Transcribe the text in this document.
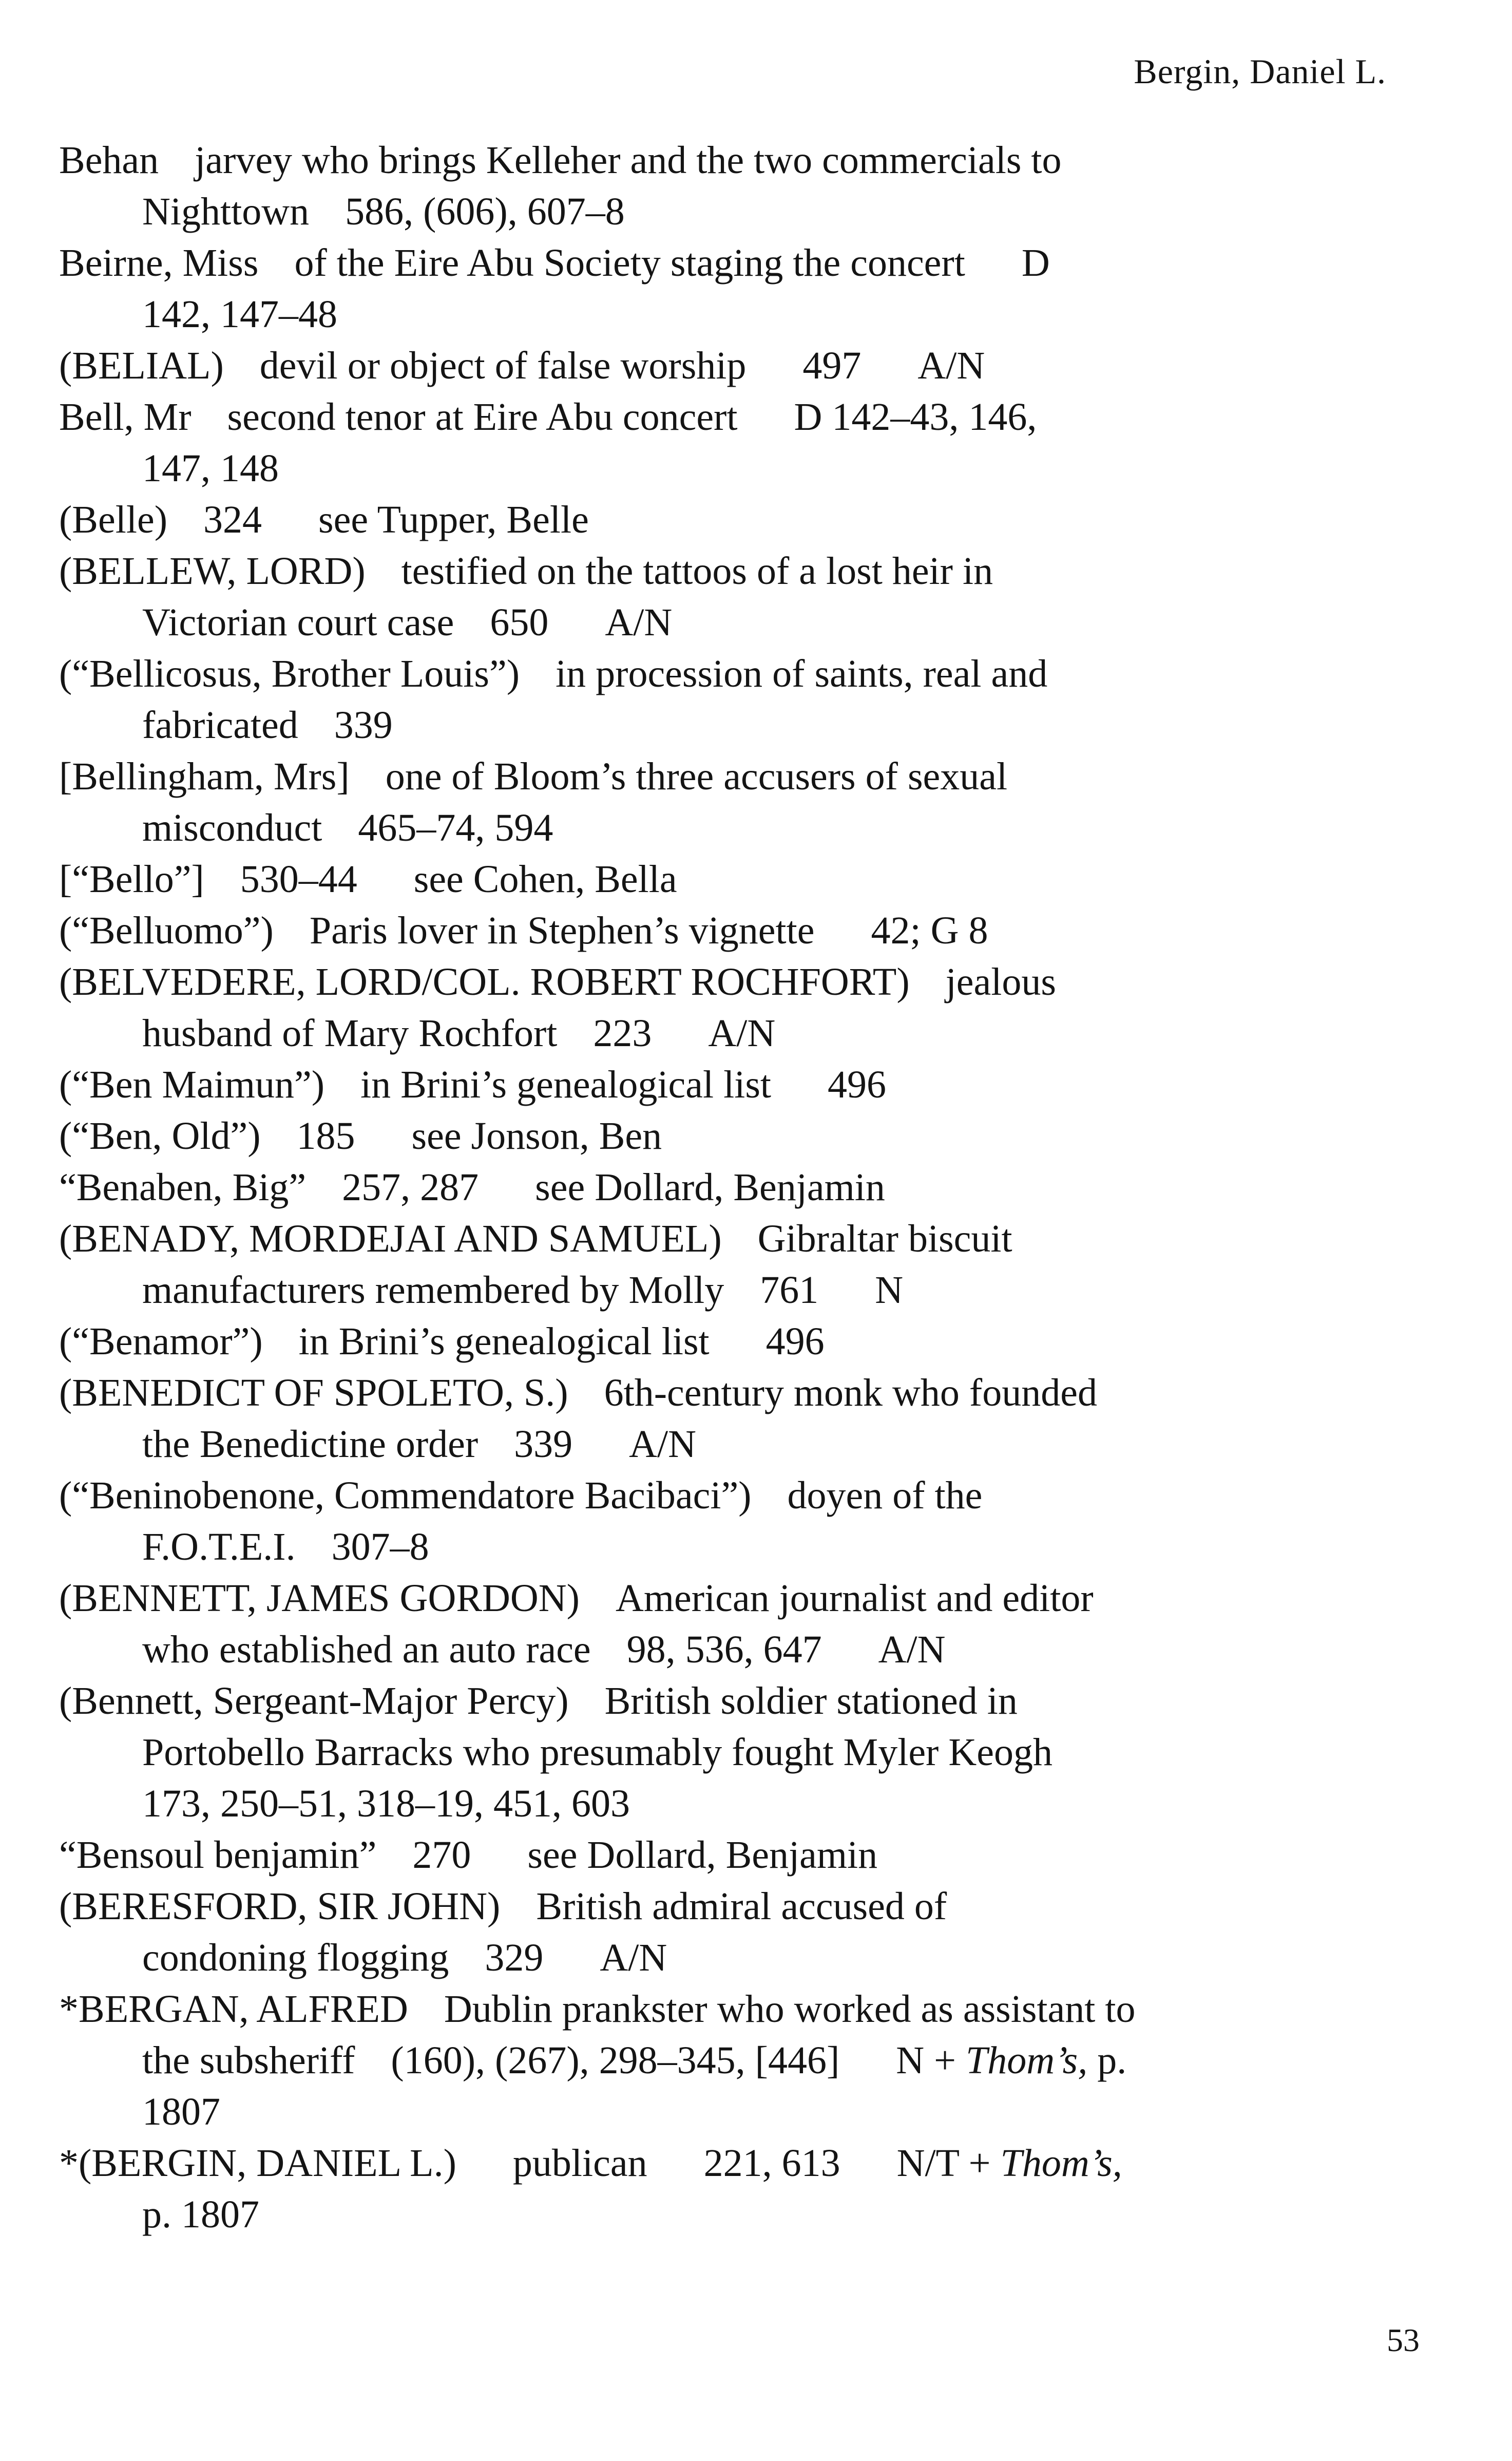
Bergin, Daniel L.
Behan jarvey who brings Kelleher and the two commercials to
Nighttown 586, (606), 607–8
Beirne, Miss of the Eire Abu Society staging the concert D
142, 147–48
(BELIAL) devil or object of false worship 497 A/N
Bell, Mr second tenor at Eire Abu concert D 142–43, 146,
147, 148
(Belle) 324 see Tupper, Belle
(BELLEW, LORD) testified on the tattoos of a lost heir in
Victorian court case 650 A/N
(“Bellicosus, Brother Louis”) in procession of saints, real and
fabricated 339
[Bellingham, Mrs] one of Bloom’s three accusers of sexual
misconduct 465–74, 594
[“Bello”] 530–44 see Cohen, Bella
(“Belluomo”) Paris lover in Stephen’s vignette 42; G 8
(BELVEDERE, LORD/COL. ROBERT ROCHFORT) jealous
husband of Mary Rochfort 223 A/N
(“Ben Maimun”) in Brini’s genealogical list 496
(“Ben, Old”) 185 see Jonson, Ben
“Benaben, Big” 257, 287 see Dollard, Benjamin
(BENADY, MORDEJAI AND SAMUEL) Gibraltar biscuit
manufacturers remembered by Molly 761 N
(“Benamor”) in Brini’s genealogical list 496
(BENEDICT OF SPOLETO, S.) 6th-century monk who founded
the Benedictine order 339 A/N
(“Beninobenone, Commendatore Bacibaci”) doyen of the
F.O.T.E.I. 307–8
(BENNETT, JAMES GORDON) American journalist and editor
who established an auto race 98, 536, 647 A/N
(Bennett, Sergeant-Major Percy) British soldier stationed in
Portobello Barracks who presumably fought Myler Keogh
173, 250–51, 318–19, 451, 603
“Bensoul benjamin” 270 see Dollard, Benjamin
(BERESFORD, SIR JOHN) British admiral accused of
condoning flogging 329 A/N
*BERGAN, ALFRED Dublin prankster who worked as assistant to
the subsheriff (160), (267), 298–345, [446] N + Thom’s, p.
1807
*(BERGIN, DANIEL L.) publican 221, 613 N/T + Thom’s,
p. 1807
53
